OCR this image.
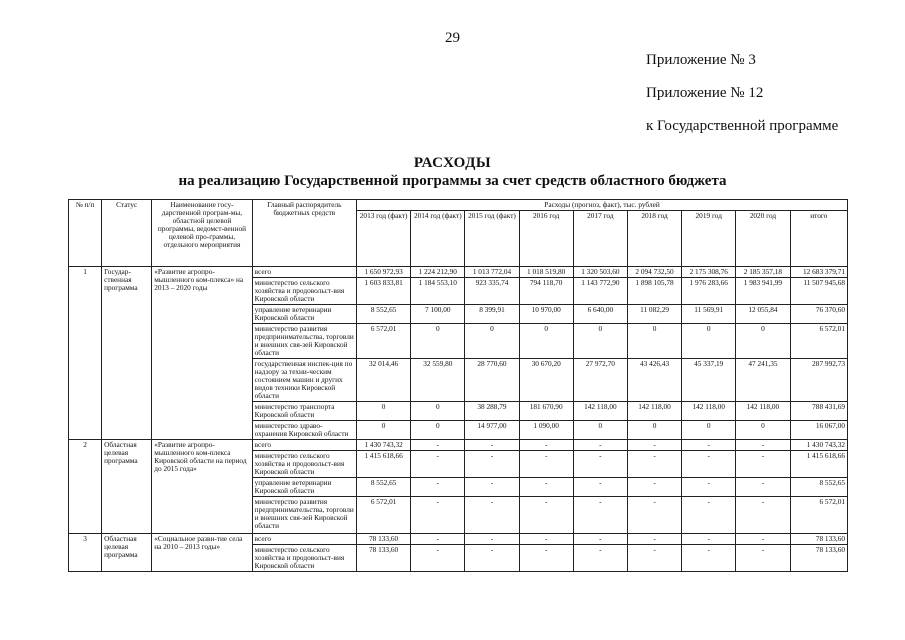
29
Приложение № 3
Приложение № 12
к Государственной программе
РАСХОДЫ
на реализацию Государственной программы за счет средств областного бюджета
№ п/п	Статус	Наименование госу-дарственной програм-мы, областной целевой программы, ведомст-венной целевой про-граммы, отдельного мероприятия	Главный распорядитель бюджетных средств	Расходы (прогноз, факт), тыс. рублей								
				2013 год (факт)	2014 год (факт)	2015 год (факт)	2016 год	2017 год	2018 год	2019 год	2020 год	итого
1	Государ-ственная программа	«Развитие агропро-мышленного ком-плекса» на 2013 – 2020 годы	всего	1 650 972,93	1 224 212,90	1 013 772,04	1 018 519,80	1 320 503,60	2 094 732,50	2 175 308,76	2 185 357,18	12 683 379,71
			министерство сельского хозяйства и продовольст-вия Кировской области	1 603 833,81	1 184 553,10	923 335,74	794 118,70	1 143 772,90	1 898 105,78	1 976 283,66	1 983 941,99	11 507 945,68
			управление ветеринарии Кировской области	8 552,65	7 100,00	8 399,91	10 970,00	6 640,00	11 082,29	11 569,91	12 055,84	76 370,60
			министерство развития предпринимательства, торговли и внешних свя-зей Кировской области	6 572,01	0	0	0	0	0	0	0	6 572,01
			государственная инспек-ция по надзору за техни-ческим состоянием машин и других видов техники Кировской области	32 014,46	32 559,80	28 770,60	30 670,20	27 972,70	43 426,43	45 337,19	47 241,35	287 992,73
			министерство транспорта Кировской области	0	0	38 288,79	181 670,90	142 118,00	142 118,00	142 118,00	142 118,00	788 431,69
			министерство здраво-охранения Кировской области	0	0	14 977,00	1 090,00	0	0	0	0	16 067,00
2	Областная целевая программа	«Развитие агропро-мышленного ком-плекса Кировской области на период до 2015 года»	всего	1 430 743,32	-	-	-	-	-	-	-	1 430 743,32
			министерство сельского хозяйства и продовольст-вия Кировской области	1 415 618,66	-	-	-	-	-	-	-	1 415 618,66
			управление ветеринарии Кировской области	8 552,65	-	-	-	-	-	-	-	8 552,65
			министерство развития предпринимательства, торговли и внешних свя-зей Кировской области	6 572,01	-	-	-	-	-	-	-	6 572,01
3	Областная целевая программа	«Социальное разви-тие села на 2010 – 2013 годы»	всего	78 133,60	-	-	-	-	-	-	-	78 133,60
			министерство сельского хозяйства и продовольст-вия Кировской области	78 133,60	-	-	-	-	-	-	-	78 133,60
